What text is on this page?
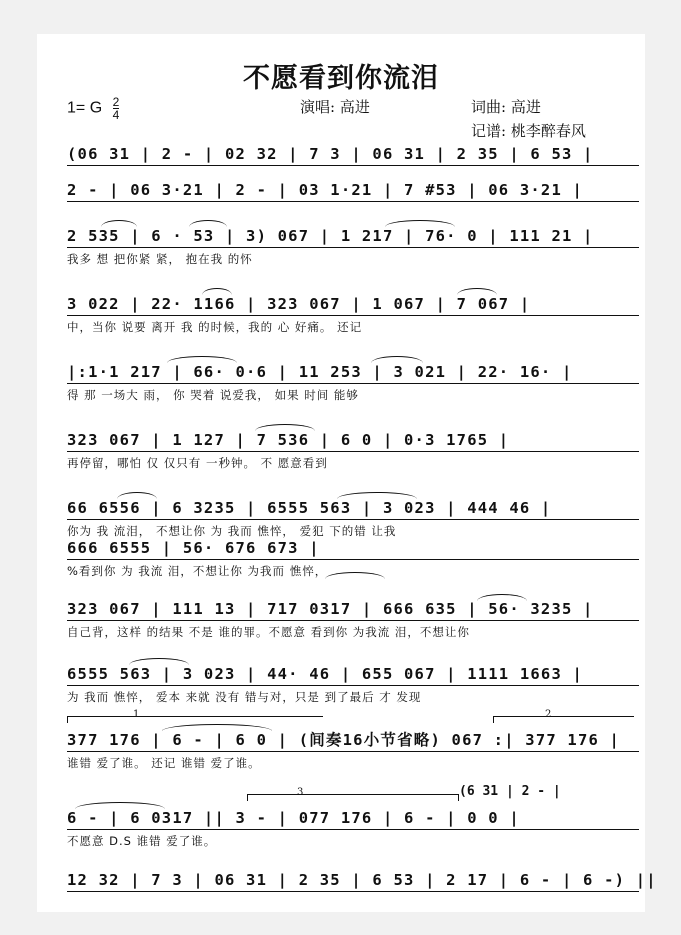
不愿看到你流泪
1= G $\frac{2}{4}$	演唱: 高进	词曲: 高进
记谱: 桃李醉春风
(06 31 | 2 - | 02 32 | 7 3 | 06 31 | 2 35 | 6 53 |
2 - | 06 3·21 | 2 - | 03 1·21 | 7 #53 | 06 3·21 |
2 535 | 6 · 53 | 3) 067 | 1 217 | 76· 0 | 111 21 |
我多 想 把你紧 紧， 抱在我 的怀
3 022 | 22· 1166 | 323 067 | 1 067 | 7 067 |
中，当你 说要 离开 我 的时候，我的 心 好痛。 还记
|:1·1 217 | 66· 0·6 | 11 253 | 3 021 | 22· 16· |
得 那 一场大 雨， 你 哭着 说爱我， 如果 时间 能够
323 067 | 1 127 | 7 536 | 6 0 | 0·3 1765 |
再停留，哪怕 仅 仅只有 一秒钟。 不 愿意看到
66 6556 | 6 3235 | 6555 563 | 3 023 | 444 46 |
你为 我 流泪， 不想让你 为 我而 憔悴， 爱犯 下的错 让我
666 6555 | 56· 676 673 |
%看到你 为 我流 泪，不想让你 为我而 憔悴，
323 067 | 111 13 | 717 0317 | 666 635 | 56· 3235 |
自己背，这样 的结果 不是 谁的罪。不愿意 看到你 为我流 泪，不想让你
6555 563 | 3 023 | 44· 46 | 655 067 | 1111 1663 |
为 我而 憔悴， 爱本 来就 没有 错与对，只是 到了最后 才 发现
1	2
377 176 | 6 - | 6 0 | (间奏16小节省略) 067 :| 377 176 |
谁错 爱了谁。 还记 谁错 爱了谁。
3	(6 31 | 2 - |
6 - | 6 0317 || 3 - | 077 176 | 6 - | 0 0 |
不愿意 D.S 谁错 爱了谁。
12 32 | 7 3 | 06 31 | 2 35 | 6 53 | 2 17 | 6 - | 6 -) ||
